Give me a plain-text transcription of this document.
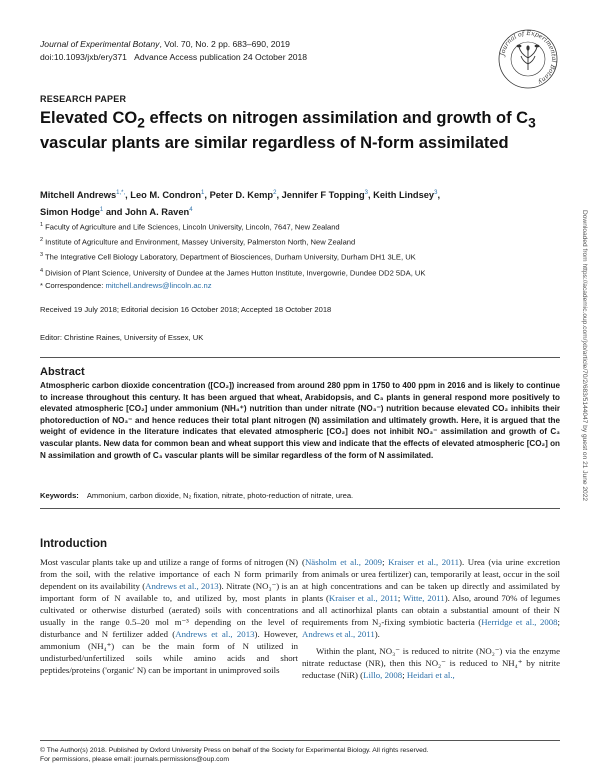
Journal of Experimental Botany, Vol. 70, No. 2 pp. 683–690, 2019
doi:10.1093/jxb/ery371 Advance Access publication 24 October 2018	Journal of Experimental Botany
RESEARCH PAPER
Elevated $CO_2$ effects on nitrogen assimilation and growth of $C_3$ vascular plants are similar regardless of N-form assimilated
Mitchell Andrews$^{1,*,}$, Leo M. Condron$^1$, Peter D. Kemp$^2$, Jennifer F Topping$^3$, Keith Lindsey$^3$,
Simon Hodge$^1$ and John A. Raven$^4$
$^1$ Faculty of Agriculture and Life Sciences, Lincoln University, Lincoln, 7647, New Zealand
$^2$ Institute of Agriculture and Environment, Massey University, Palmerston North, New Zealand
$^3$ The Integrative Cell Biology Laboratory, Department of Biosciences, Durham University, Durham DH1 3LE, UK
$^4$ Division of Plant Science, University of Dundee at the James Hutton Institute, Invergowrie, Dundee DD2 5DA, UK
* Correspondence: mitchell.andrews@lincoln.ac.nz
Received 19 July 2018; Editorial decision 16 October 2018; Accepted 18 October 2018
Editor: Christine Raines, University of Essex, UK
Abstract
Atmospheric carbon dioxide concentration ([CO₂]) increased from around 280 ppm in 1750 to 400 ppm in 2016 and is likely to continue to increase throughout this century. It has been argued that wheat, Arabidopsis, and C₃ plants in general respond more positively to elevated atmospheric [CO₂] under ammonium (NH₄⁺) nutrition than under nitrate (NO₃⁻) nutrition because elevated CO₂ inhibits their photoreduction of NO₃⁻ and hence reduces their total plant nitrogen (N) assimilation and ultimately growth. Here, it is argued that the weight of evidence in the literature indicates that elevated atmospheric [CO₂] does not inhibit NO₃⁻ assimilation and growth of C₃ vascular plants. New data for common bean and wheat support this view and indicate that the effects of elevated atmospheric [CO₂] on N assimilation and growth of C₃ vascular plants will be similar regardless of the form of N assimilated.
Keywords: Ammonium, carbon dioxide, N₂ fixation, nitrate, photo-reduction of nitrate, urea.
Introduction
Most vascular plants take up and utilize a range of forms of nitrogen (N) from the soil, with the relative importance of each N form primarily dependent on its availability (Andrews et al., 2013). Nitrate (NO₃⁻) is an important form of N available to, and utilized by, most plants in cultivated or otherwise disturbed (aerated) soils with concentrations usually in the range 0.5–20 mol m⁻³ depending on the level of disturbance and N fertilizer added (Andrews et al., 2013). However, ammonium (NH₄⁺) can be the main form of N utilized in undisturbed/unfertilized soils while amino acids and short peptides/proteins ('organic' N) can be important in unimproved soils
(Näsholm et al., 2009; Kraiser et al., 2011). Urea (via urine excretion from animals or urea fertilizer) can, temporarily at least, occur in the soil at high concentrations and can be taken up directly and assimilated by plants (Kraiser et al., 2011; Witte, 2011). Also, around 70% of legumes and all actinorhizal plants can obtain a substantial amount of their N requirements from N₂-fixing symbiotic bacteria (Herridge et al., 2008; Andrews et al., 2011).
Within the plant, NO₃⁻ is reduced to nitrite (NO₂⁻) via the enzyme nitrate reductase (NR), then this NO₂⁻ is reduced to NH₄⁺ by nitrite reductase (NiR) (Lillo, 2008; Heidari et al.,
Downloaded from https://academic.oup.com/jxb/article/70/2/683/5144047 by guest on 21 June 2022
© The Author(s) 2018. Published by Oxford University Press on behalf of the Society for Experimental Biology. All rights reserved.
For permissions, please email: journals.permissions@oup.com
